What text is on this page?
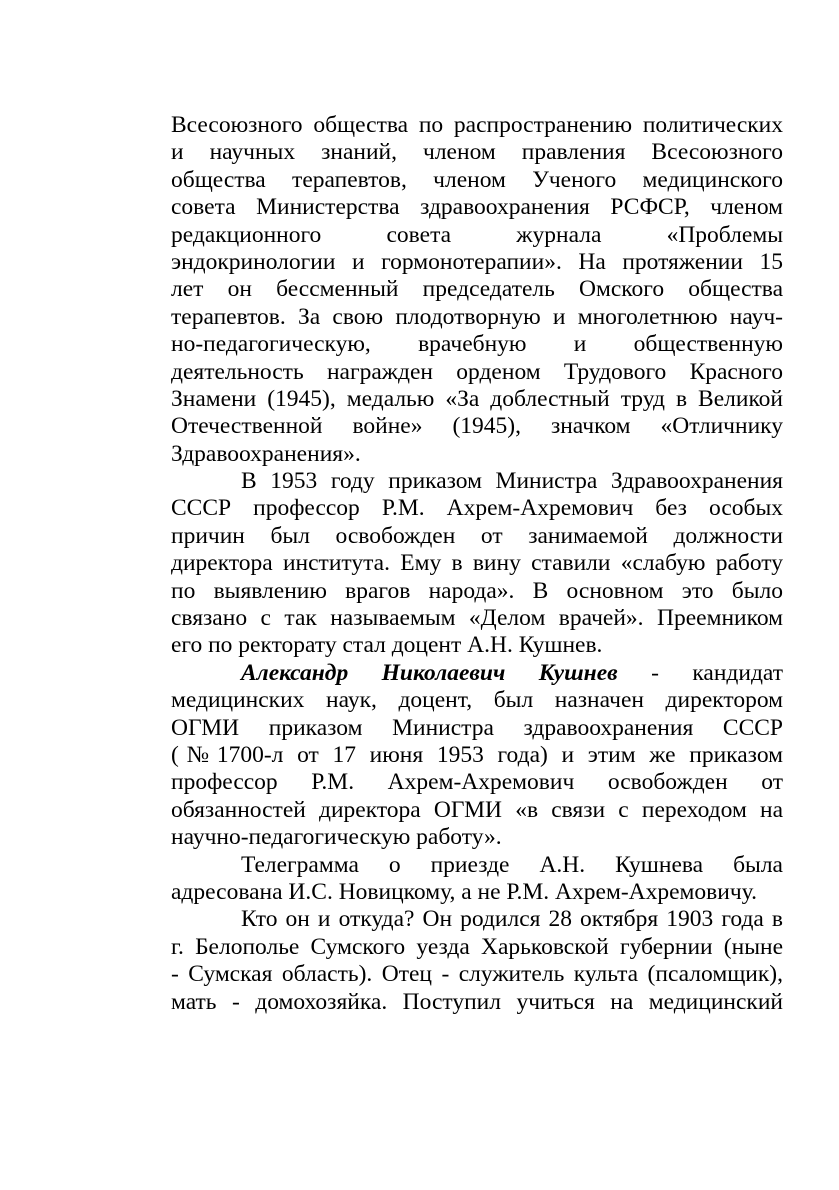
Всесоюзного общества по распространению политических
и научных знаний, членом правления Всесоюзного
общества терапевтов, членом Ученого медицинского
совета Министерства здравоохранения РСФСР, членом
редакционного совета журнала «Проблемы
эндокринологии и гормонотерапии». На протяжении 15
лет он бессменный председатель Омского общества
терапевтов. За свою плодотворную и многолетнюю науч-
но-педагогическую, врачебную и общественную
деятельность награжден орденом Трудового Красного
Знамени (1945), медалью «За доблестный труд в Великой
Отечественной войне» (1945), значком «Отличнику
Здравоохранения».
В 1953 году приказом Министра Здравоохранения
СССР профессор Р.М. Ахрем-Ахремович без особых
причин был освобожден от занимаемой должности
директора института. Ему в вину ставили «слабую работу
по выявлению врагов народа». В основном это было
связано с так называемым «Делом врачей». Преемником
его по ректорату стал доцент А.Н. Кушнев.
Александр Николаевич Кушнев - кандидат
медицинских наук, доцент, был назначен директором
ОГМИ приказом Министра здравоохранения СССР
(№1700-л от 17 июня 1953 года) и этим же приказом
профессор Р.М. Ахрем-Ахремович освобожден от
обязанностей директора ОГМИ «в связи с переходом на
научно-педагогическую работу».
Телеграмма о приезде А.Н. Кушнева была
адресована И.С. Новицкому, а не Р.М. Ахрем-Ахремовичу.
Кто он и откуда? Он родился 28 октября 1903 года в
г. Белополье Сумского уезда Харьковской губернии (ныне
- Сумская область). Отец - служитель культа (псаломщик),
мать - домохозяйка. Поступил учиться на медицинский
